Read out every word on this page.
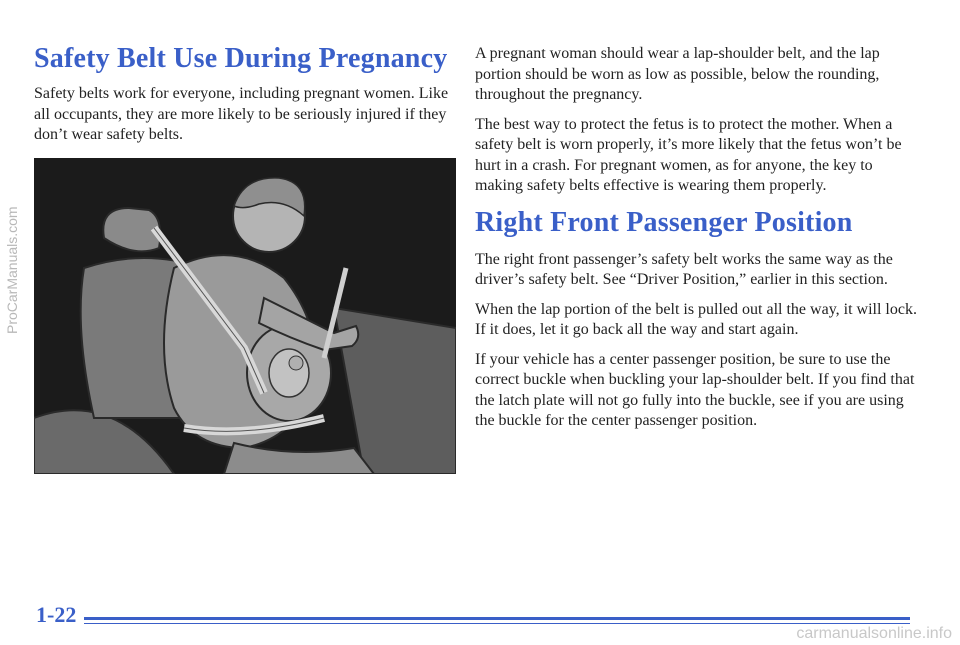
Safety Belt Use During Pregnancy

Safety belts work for everyone, including pregnant women. Like all occupants, they are more likely to be seriously injured if they don’t wear safety belts.

ProCarManuals.com

A pregnant woman should wear a lap-shoulder belt, and the lap portion should be worn as low as possible, below the rounding, throughout the pregnancy.

The best way to protect the fetus is to protect the mother. When a safety belt is worn properly, it’s more likely that the fetus won’t be hurt in a crash. For pregnant women, as for anyone, the key to making safety belts effective is wearing them properly.

Right Front Passenger Position

The right front passenger’s safety belt works the same way as the driver’s safety belt. See “Driver Position,” earlier in this section.

When the lap portion of the belt is pulled out all the way, it will lock. If it does, let it go back all the way and start again.

If your vehicle has a center passenger position, be sure to use the correct buckle when buckling your lap-shoulder belt. If you find that the latch plate will not go fully into the buckle, see if you are using the buckle for the center passenger position.

1-22
carmanualsonline.info
